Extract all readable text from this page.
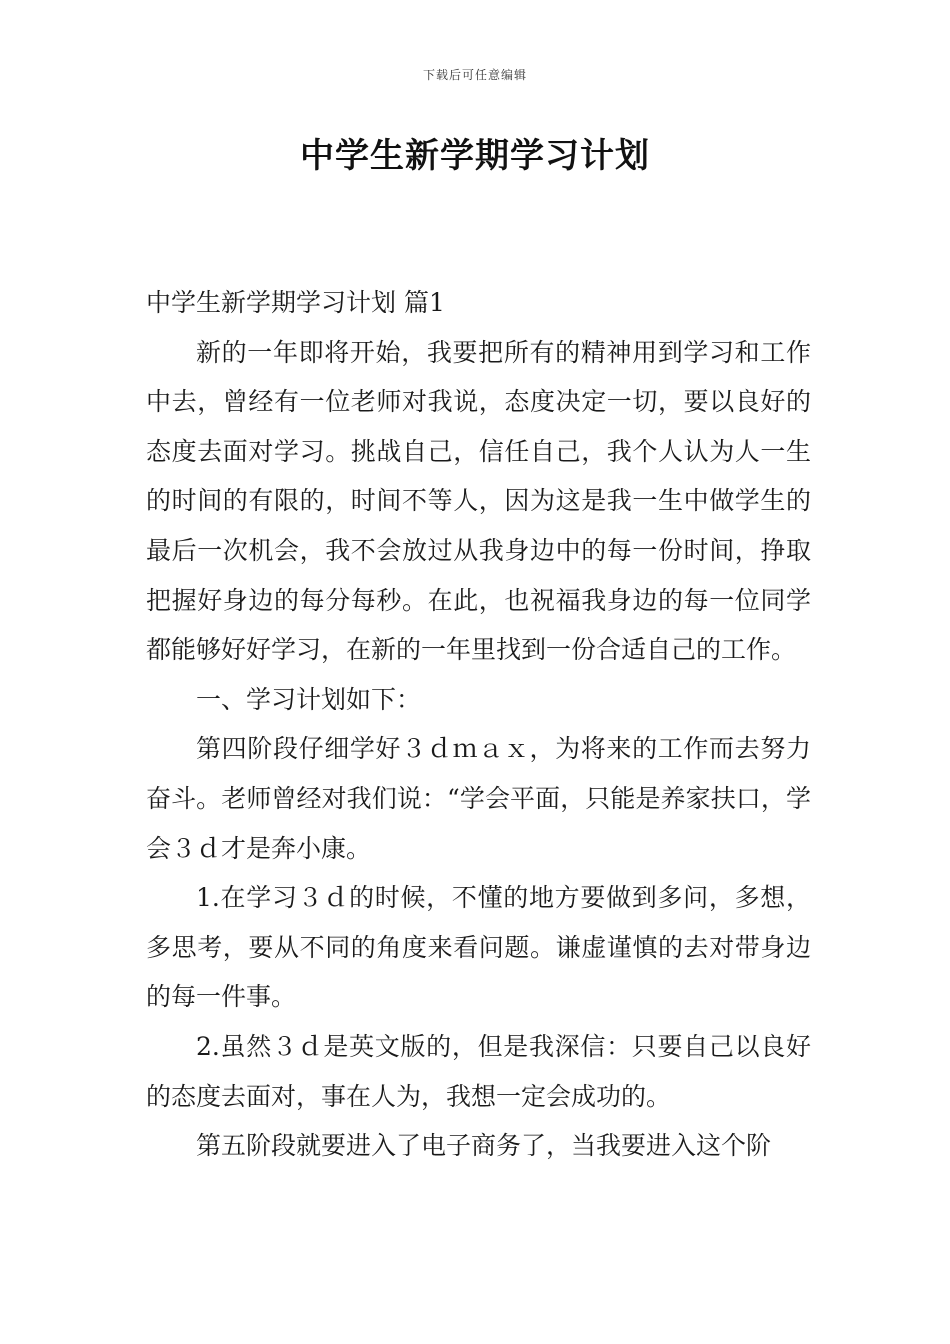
下载后可任意编辑
中学生新学期学习计划

中学生新学期学习计划 篇1

新的一年即将开始，我要把所有的精神用到学习和工作中去，曾经有一位老师对我说，态度决定一切，要以良好的态度去面对学习。挑战自己，信任自己，我个人认为人一生的时间的有限的，时间不等人，因为这是我一生中做学生的最后一次机会，我不会放过从我身边中的每一份时间，挣取把握好身边的每分每秒。在此，也祝福我身边的每一位同学都能够好好学习，在新的一年里找到一份合适自己的工作。

一、学习计划如下：

第四阶段仔细学好３ｄｍａｘ，为将来的工作而去努力奋斗。老师曾经对我们说：“学会平面，只能是养家扶口，学会３ｄ才是奔小康。

1.在学习３ｄ的时候，不懂的地方要做到多问，多想，多思考，要从不同的角度来看问题。谦虚谨慎的去对带身边的每一件事。

2.虽然３ｄ是英文版的，但是我深信：只要自己以良好的态度去面对，事在人为，我想一定会成功的。

第五阶段就要进入了电子商务了，当我要进入这个阶
